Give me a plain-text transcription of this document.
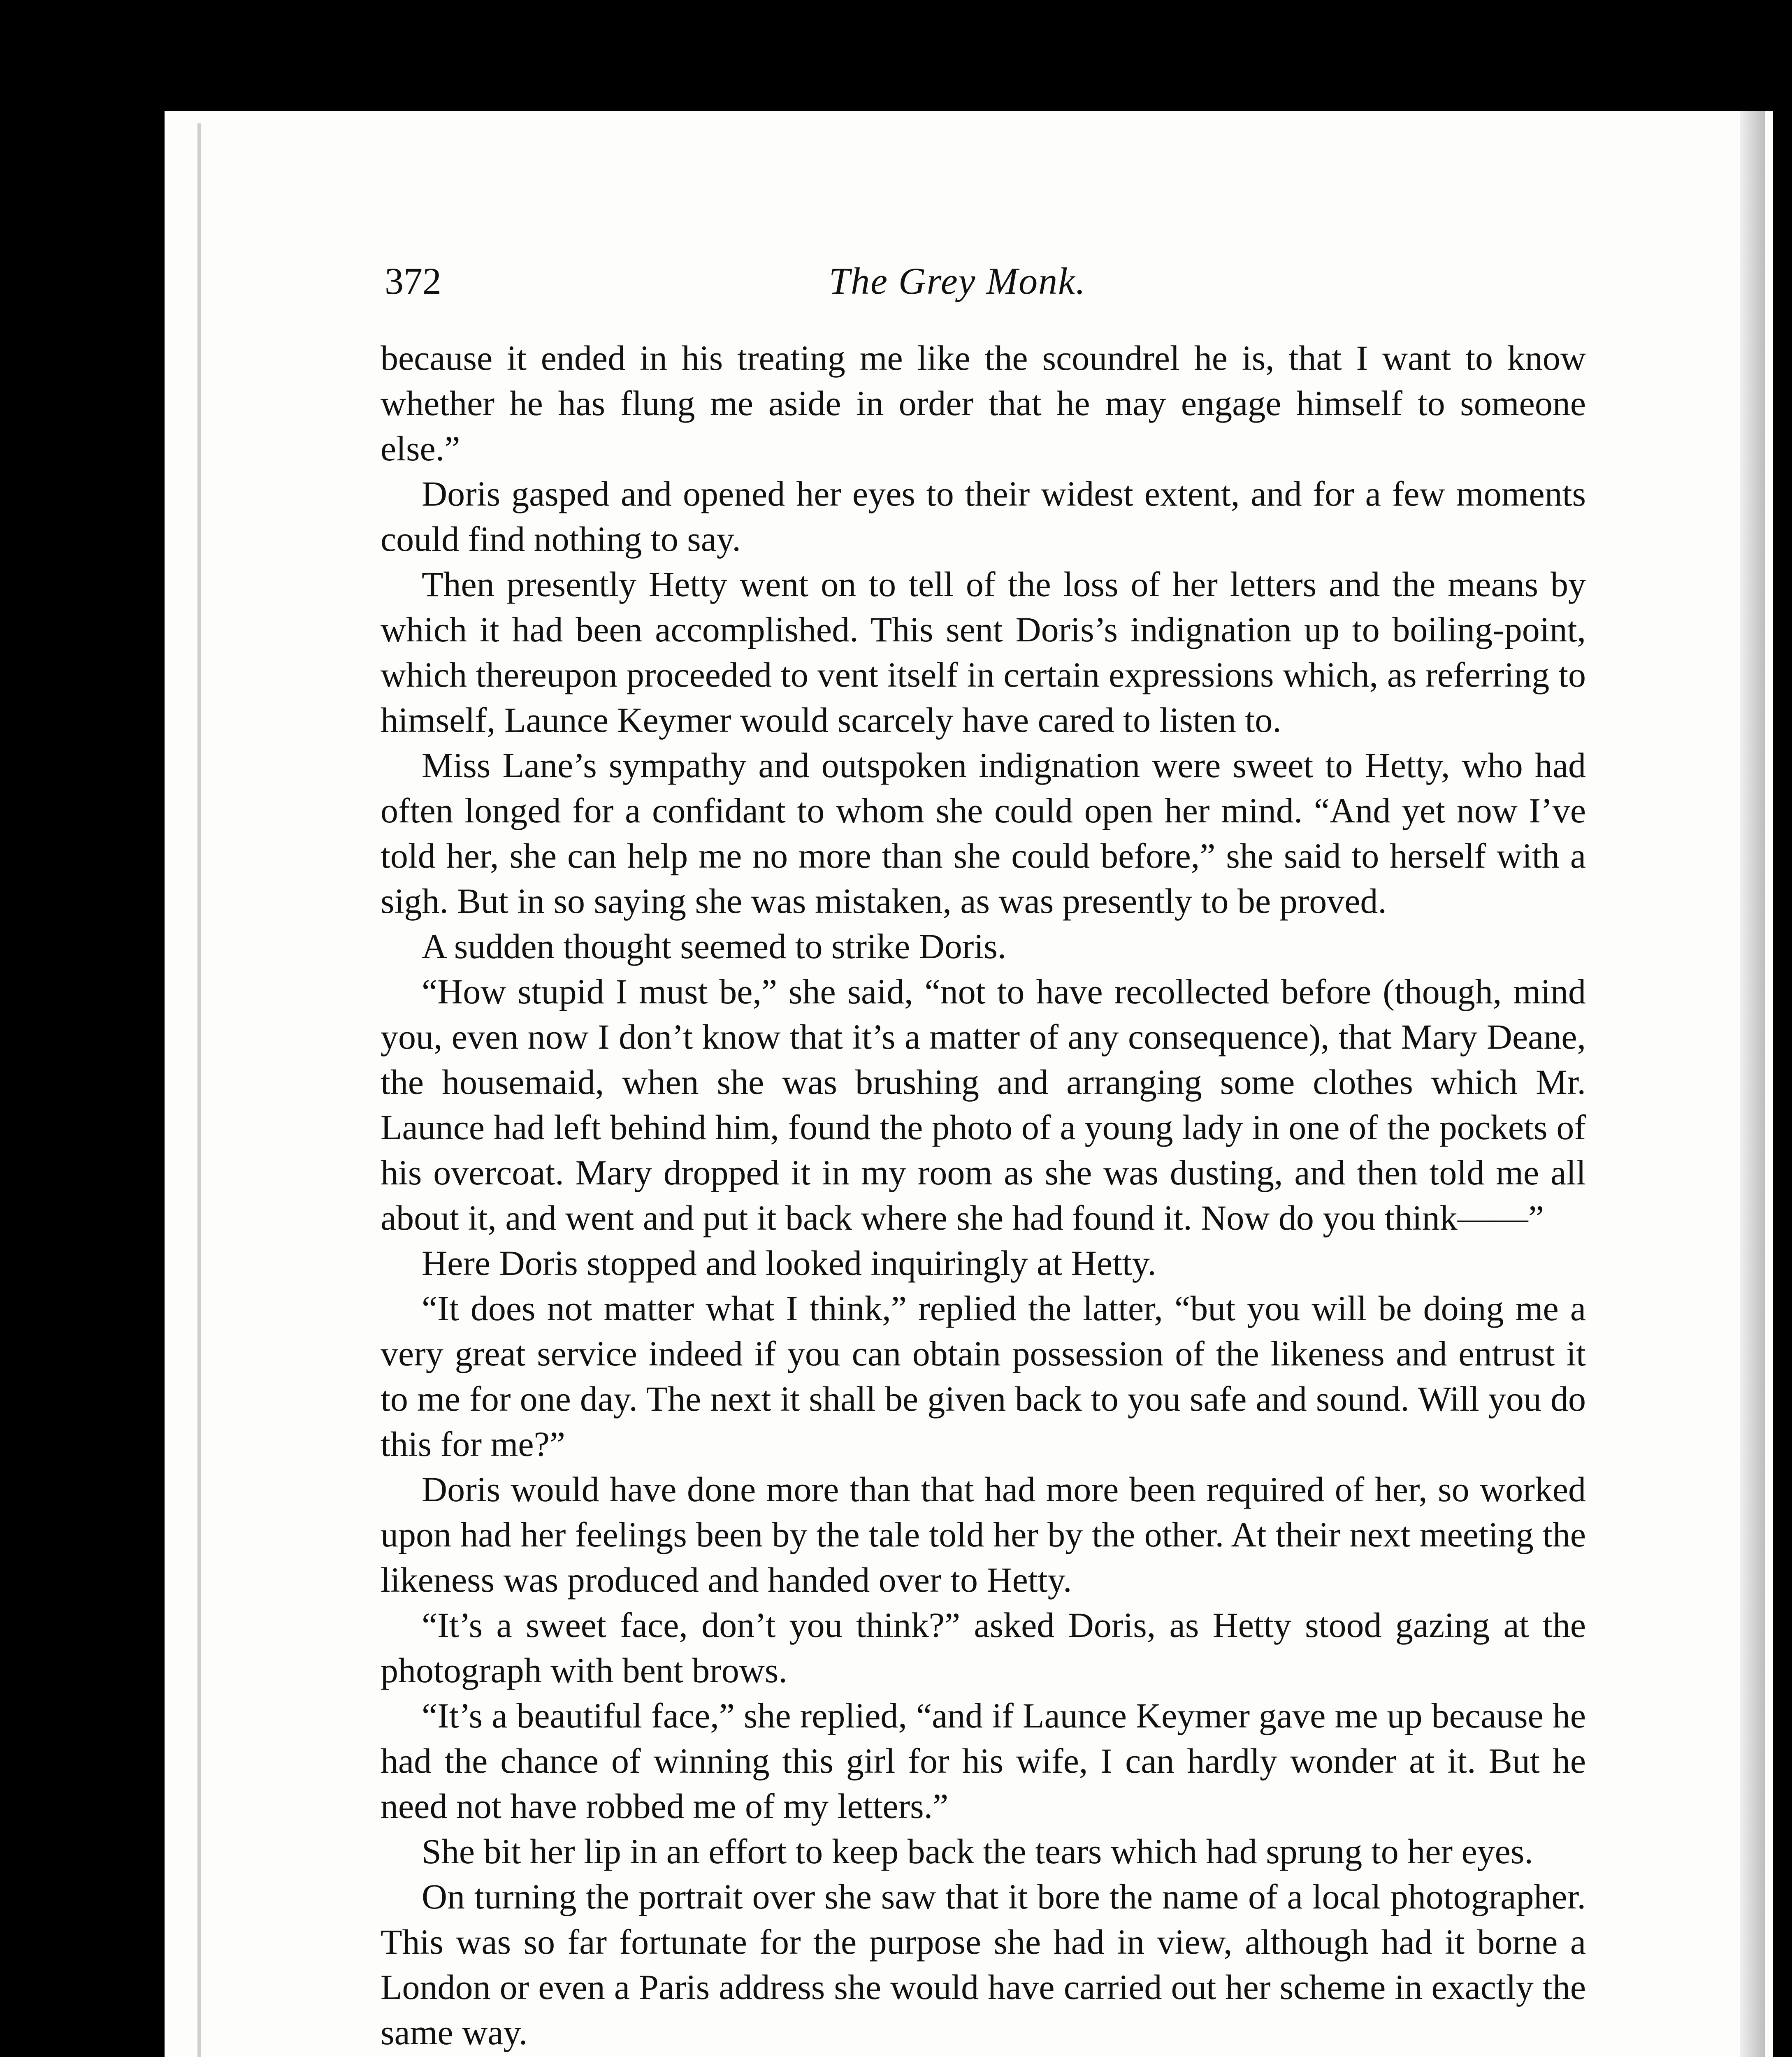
372	The Grey Monk.

because it ended in his treating me like the scoundrel he is, that I want to know whether he has flung me aside in order that he may engage himself to someone else.”

Doris gasped and opened her eyes to their widest extent, and for a few moments could find nothing to say.

Then presently Hetty went on to tell of the loss of her letters and the means by which it had been accomplished. This sent Doris’s indignation up to boiling-point, which thereupon proceeded to vent itself in certain expressions which, as referring to himself, Launce Keymer would scarcely have cared to listen to.

Miss Lane’s sympathy and outspoken indignation were sweet to Hetty, who had often longed for a confidant to whom she could open her mind. “And yet now I’ve told her, she can help me no more than she could before,” she said to herself with a sigh. But in so saying she was mistaken, as was presently to be proved.

A sudden thought seemed to strike Doris.

“How stupid I must be,” she said, “not to have recollected before (though, mind you, even now I don’t know that it’s a matter of any consequence), that Mary Deane, the housemaid, when she was brushing and arranging some clothes which Mr. Launce had left behind him, found the photo of a young lady in one of the pockets of his overcoat. Mary dropped it in my room as she was dusting, and then told me all about it, and went and put it back where she had found it. Now do you think——”

Here Doris stopped and looked inquiringly at Hetty.

“It does not matter what I think,” replied the latter, “but you will be doing me a very great service indeed if you can obtain possession of the likeness and entrust it to me for one day. The next it shall be given back to you safe and sound. Will you do this for me?”

Doris would have done more than that had more been required of her, so worked upon had her feelings been by the tale told her by the other. At their next meeting the likeness was produced and handed over to Hetty.

“It’s a sweet face, don’t you think?” asked Doris, as Hetty stood gazing at the photograph with bent brows.

“It’s a beautiful face,” she replied, “and if Launce Keymer gave me up because he had the chance of winning this girl for his wife, I can hardly wonder at it. But he need not have robbed me of my letters.”

She bit her lip in an effort to keep back the tears which had sprung to her eyes.

On turning the portrait over she saw that it bore the name of a local photographer. This was so far fortunate for the purpose she had in view, although had it borne a London or even a Paris address she would have carried out her scheme in exactly the same way.
